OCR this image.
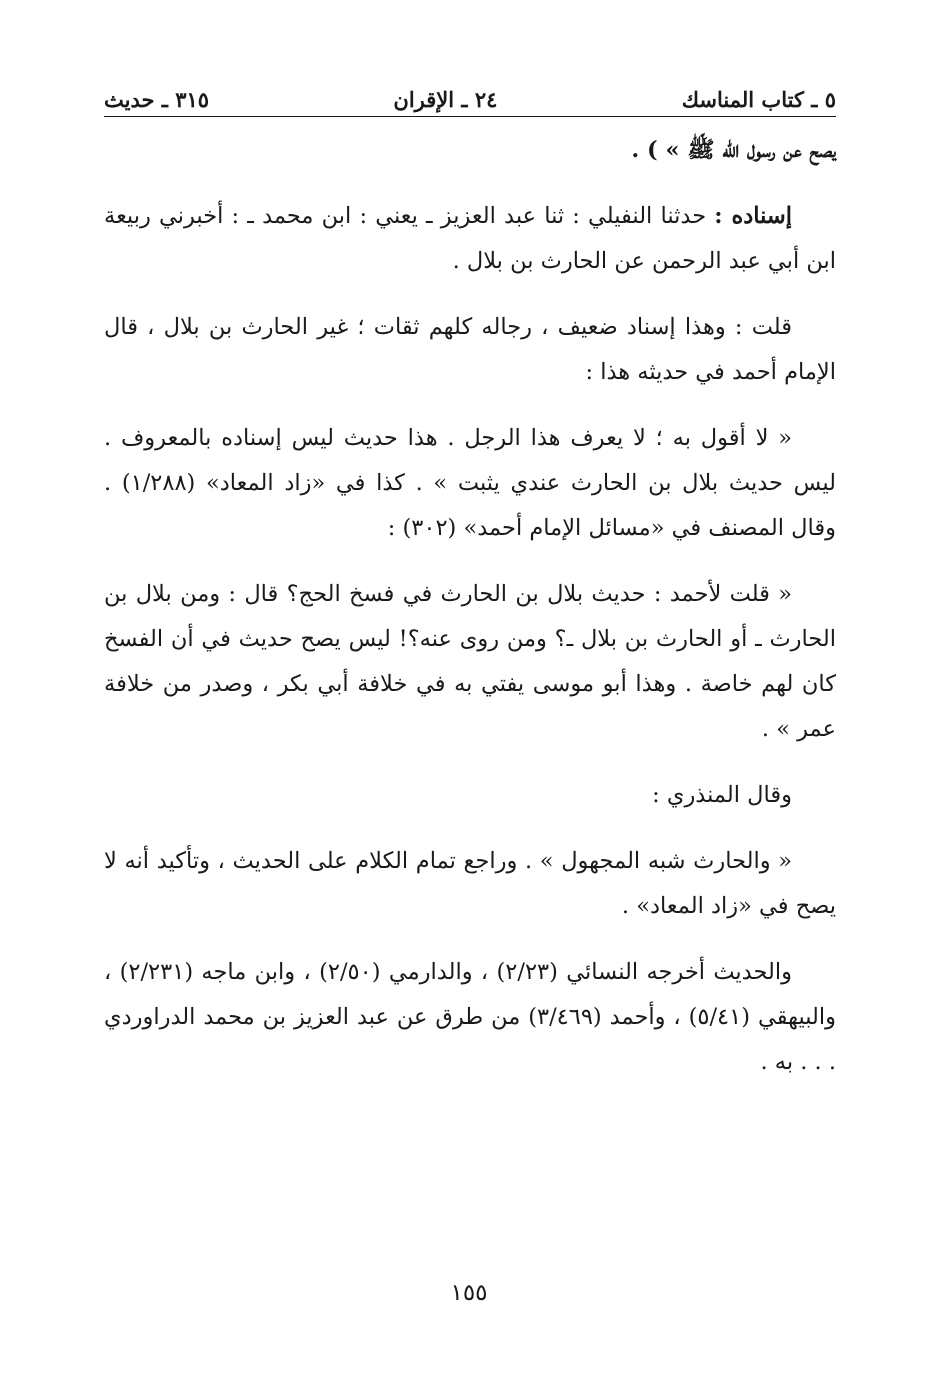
٥ ـ كتاب المناسك
٢٤ ـ الإقران
٣١٥ ـ حديث

يصح عن رسول الله ﷺ » ) .

إسناده : حدثنا النفيلي : ثنا عبد العزيز ـ يعني : ابن محمد ـ : أخبرني ربيعة ابن أبي عبد الرحمن عن الحارث بن بلال .

قلت : وهذا إسناد ضعيف ، رجاله كلهم ثقات ؛ غير الحارث بن بلال ، قال الإمام أحمد في حديثه هذا :

« لا أقول به ؛ لا يعرف هذا الرجل . هذا حديث ليس إسناده بالمعروف . ليس حديث بلال بن الحارث عندي يثبت » . كذا في «زاد المعاد» (١/٢٨٨) . وقال المصنف في «مسائل الإمام أحمد» (٣٠٢) :

« قلت لأحمد : حديث بلال بن الحارث في فسخ الحج؟ قال : ومن بلال بن الحارث ـ أو الحارث بن بلال ـ؟ ومن روى عنه؟! ليس يصح حديث في أن الفسخ كان لهم خاصة . وهذا أبو موسى يفتي به في خلافة أبي بكر ، وصدر من خلافة عمر » .

وقال المنذري :

« والحارث شبه المجهول » . وراجع تمام الكلام على الحديث ، وتأكيد أنه لا يصح في «زاد المعاد» .

والحديث أخرجه النسائي (٢/٢٣) ، والدارمي (٢/٥٠) ، وابن ماجه (٢/٢٣١) ، والبيهقي (٥/٤١) ، وأحمد (٣/٤٦٩) من طرق عن عبد العزيز بن محمد الدراوردي . . . به .

١٥٥
